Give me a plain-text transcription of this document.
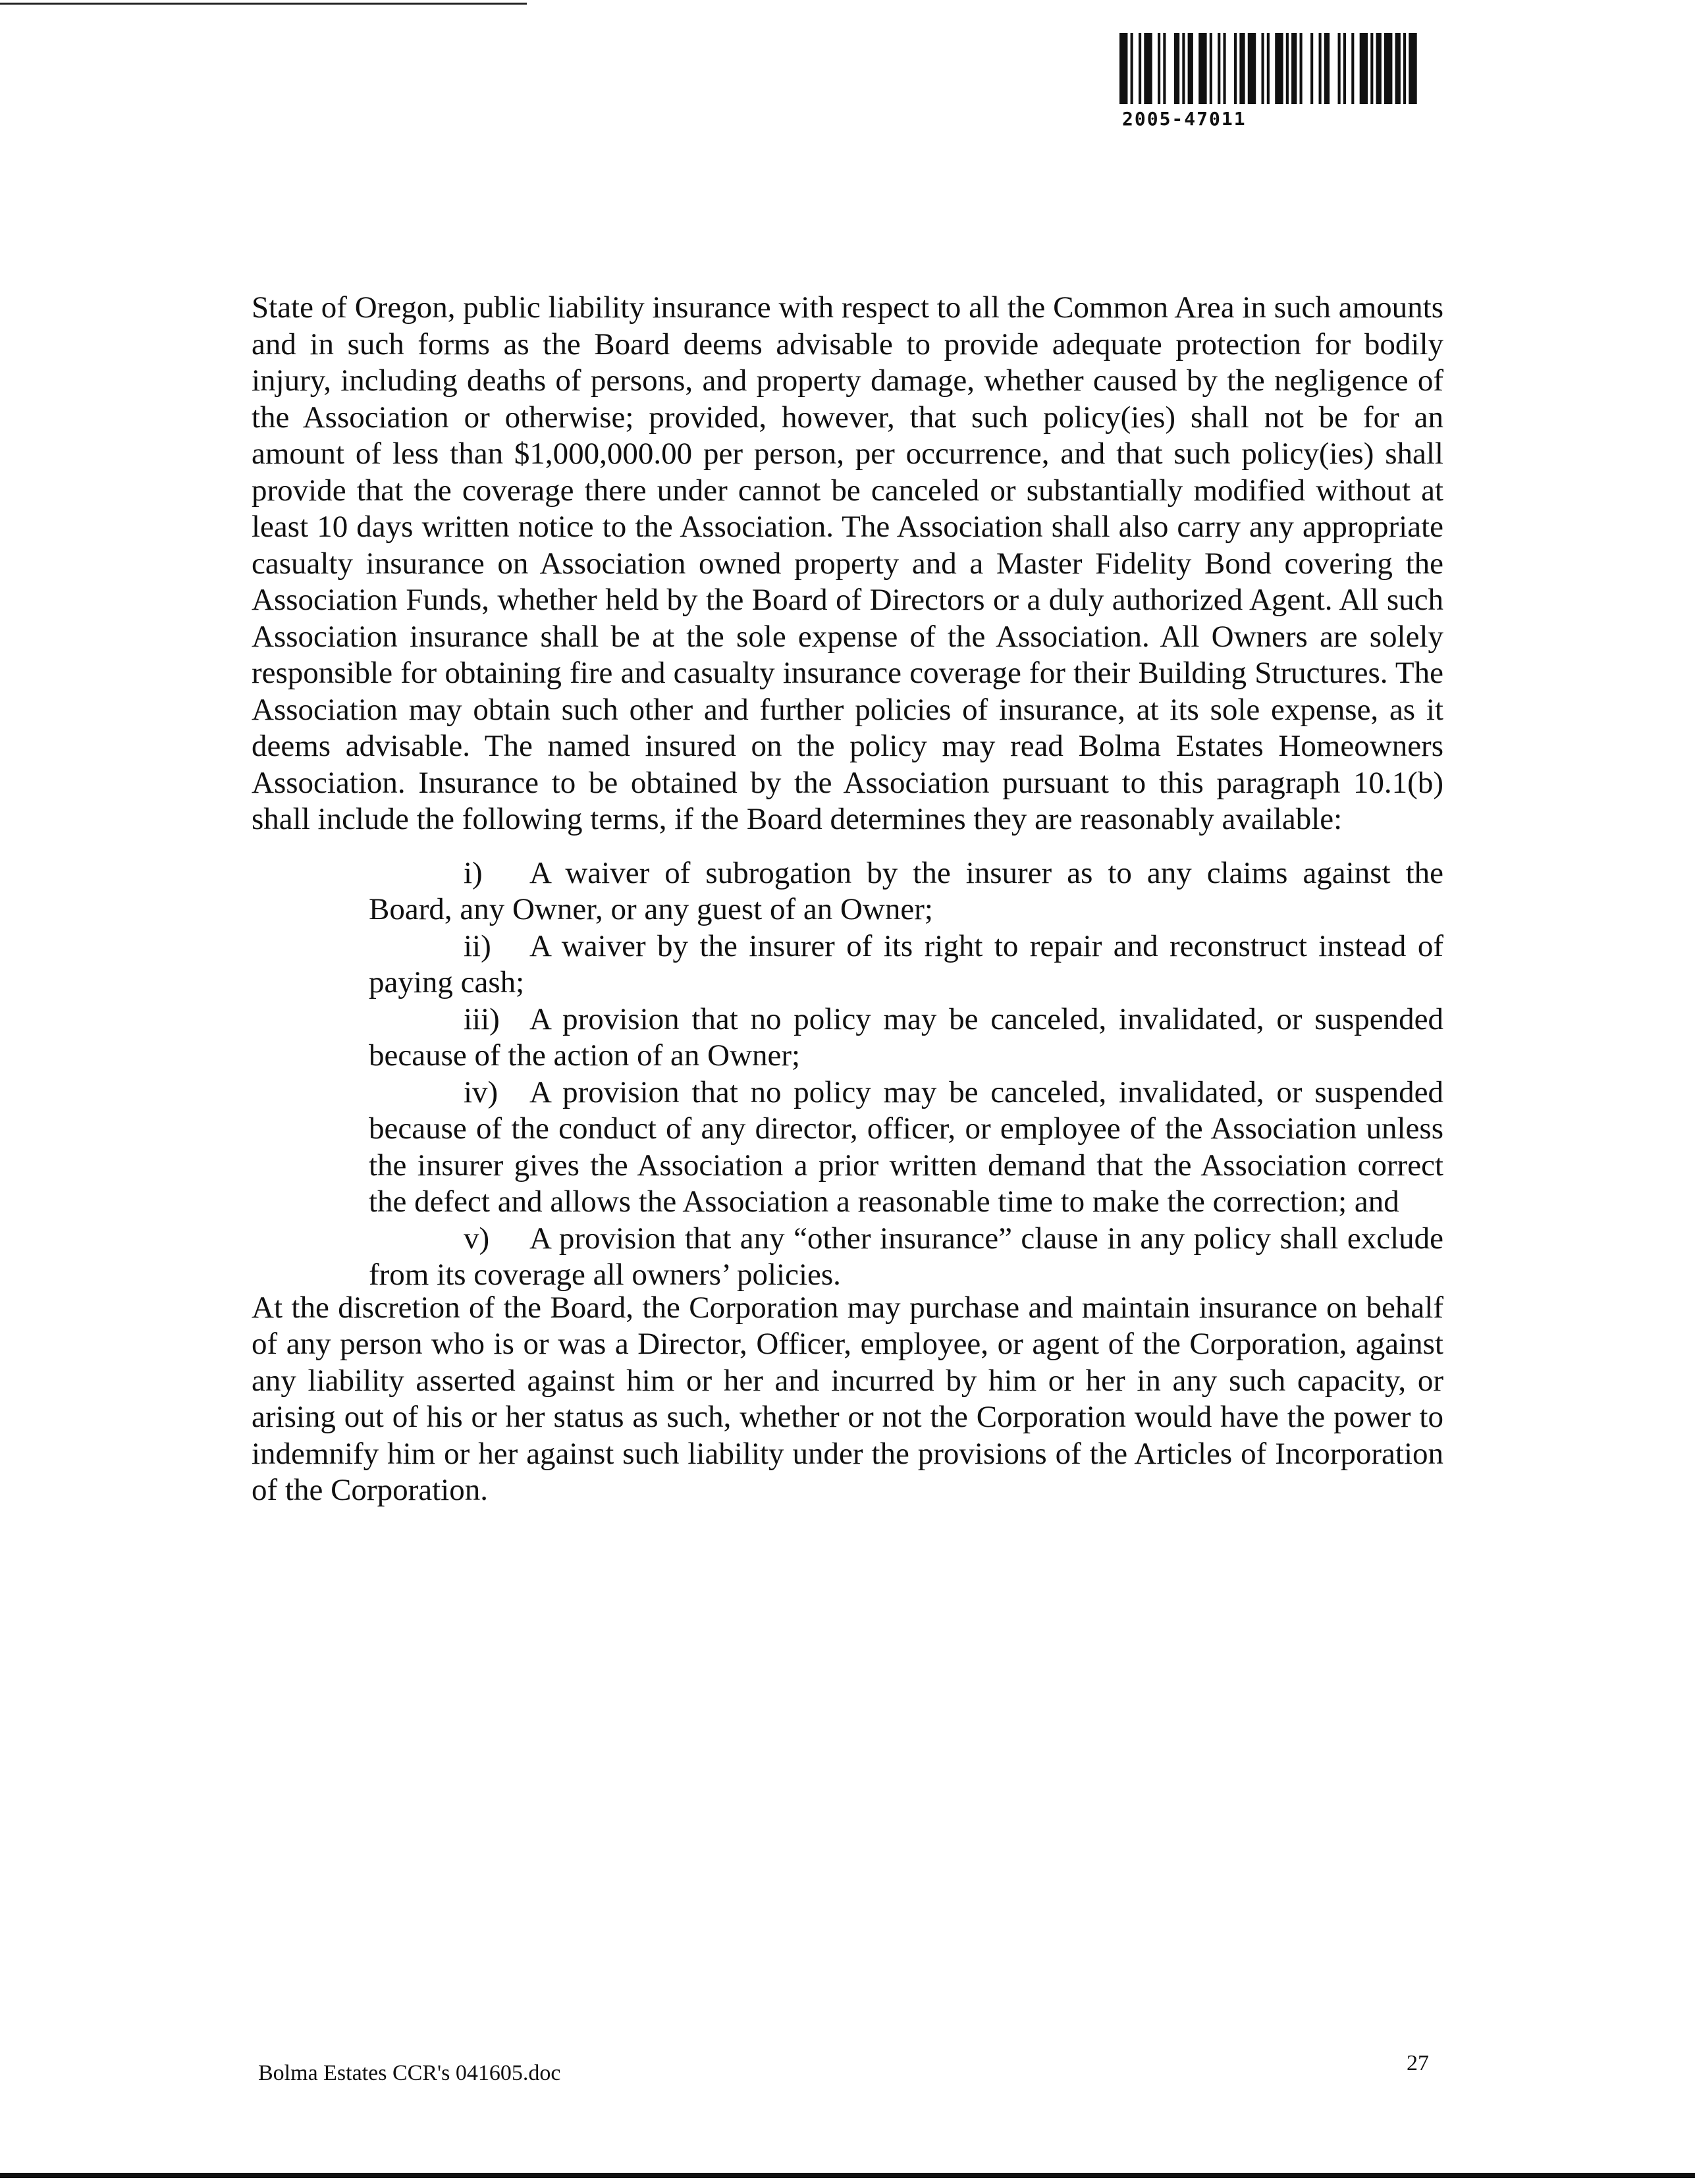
2005-47011

State of Oregon, public liability insurance with respect to all the Common Area in such amounts and in such forms as the Board deems advisable to provide adequate protection for bodily injury, including deaths of persons, and property damage, whether caused by the negligence of the Association or otherwise; provided, however, that such policy(ies) shall not be for an amount of less than $1,000,000.00 per person, per occurrence, and that such policy(ies) shall provide that the coverage there under cannot be canceled or substantially modified without at least 10 days written notice to the Association. The Association shall also carry any appropriate casualty insurance on Association owned property and a Master Fidelity Bond covering the Association Funds, whether held by the Board of Directors or a duly authorized Agent. All such Association insurance shall be at the sole expense of the Association. All Owners are solely responsible for obtaining fire and casualty insurance coverage for their Building Structures. The Association may obtain such other and further policies of insurance, at its sole expense, as it deems advisable. The named insured on the policy may read Bolma Estates Homeowners Association. Insurance to be obtained by the Association pursuant to this paragraph 10.1(b) shall include the following terms, if the Board determines they are reasonably available:

i) A waiver of subrogation by the insurer as to any claims against the Board, any Owner, or any guest of an Owner;

ii) A waiver by the insurer of its right to repair and reconstruct instead of paying cash;

iii) A provision that no policy may be canceled, invalidated, or suspended because of the action of an Owner;

iv) A provision that no policy may be canceled, invalidated, or suspended because of the conduct of any director, officer, or employee of the Association unless the insurer gives the Association a prior written demand that the Association correct the defect and allows the Association a reasonable time to make the correction; and

v) A provision that any “other insurance” clause in any policy shall exclude from its coverage all owners’ policies.

At the discretion of the Board, the Corporation may purchase and maintain insurance on behalf of any person who is or was a Director, Officer, employee, or agent of the Corporation, against any liability asserted against him or her and incurred by him or her in any such capacity, or arising out of his or her status as such, whether or not the Corporation would have the power to indemnify him or her against such liability under the provisions of the Articles of Incorporation of the Corporation.

Bolma Estates CCR's 041605.doc	27
